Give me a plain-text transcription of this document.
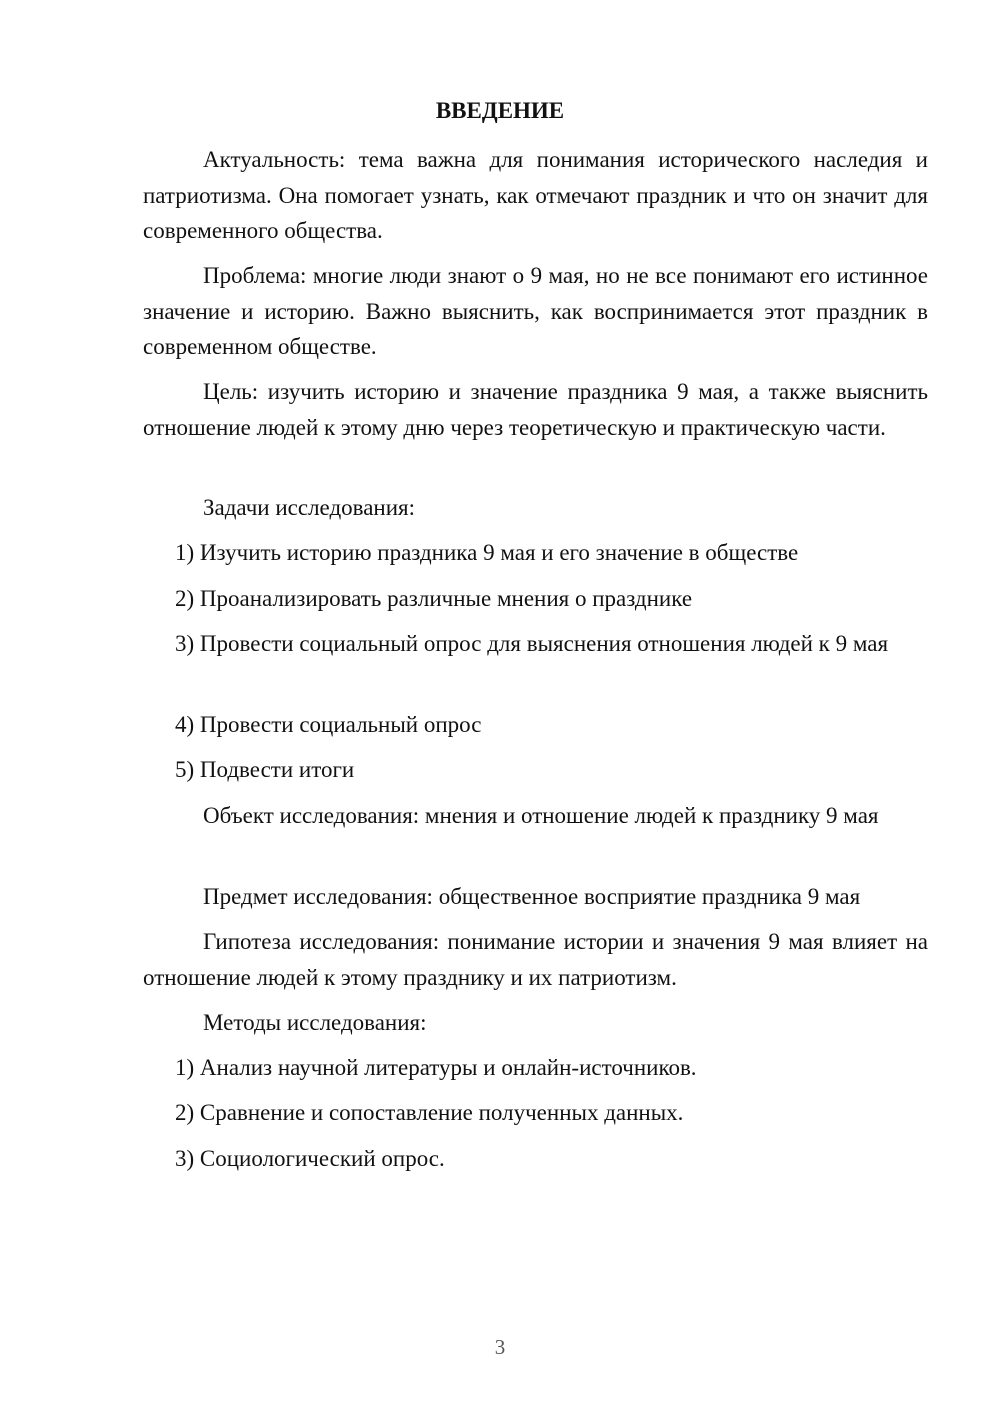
ВВЕДЕНИЕ

Актуальность: тема важна для понимания исторического наследия и патриотизма. Она помогает узнать, как отмечают праздник и что он значит для современного общества.

Проблема: многие люди знают о 9 мая, но не все понимают его истинное значение и историю. Важно выяснить, как воспринимается этот праздник в современном обществе.

Цель: изучить историю и значение праздника 9 мая, а также выяснить отношение людей к этому дню через теоретическую и практическую части.

Задачи исследования:

1) Изучить историю праздника 9 мая и его значение в обществе

2) Проанализировать различные мнения о празднике

3) Провести социальный опрос для выяснения отношения людей к 9 мая

4) Провести социальный опрос

5) Подвести итоги

Объект исследования: мнения и отношение людей к празднику 9 мая

Предмет исследования: общественное восприятие праздника 9 мая

Гипотеза исследования: понимание истории и значения 9 мая влияет на отношение людей к этому празднику и их патриотизм.

Методы исследования:

1) Анализ научной литературы и онлайн-источников.

2) Сравнение и сопоставление полученных данных.

3) Социологический опрос.

3
